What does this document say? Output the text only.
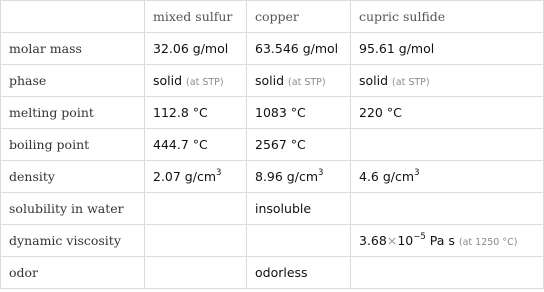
	mixed sulfur	copper	cupric sulfide
molar mass	32.06 g/mol	63.546 g/mol	95.61 g/mol
phase	solid (at STP)	solid (at STP)	solid (at STP)
melting point	112.8 °C	1083 °C	220 °C
boiling point	444.7 °C	2567 °C	
density	2.07 $g/cm^3$	8.96 $g/cm^3$	4.6 $g/cm^3$
solubility in water		insoluble	
dynamic viscosity			$3.68\times 10^{-5}$ Pa s (at 1250 °C)
odor		odorless	
